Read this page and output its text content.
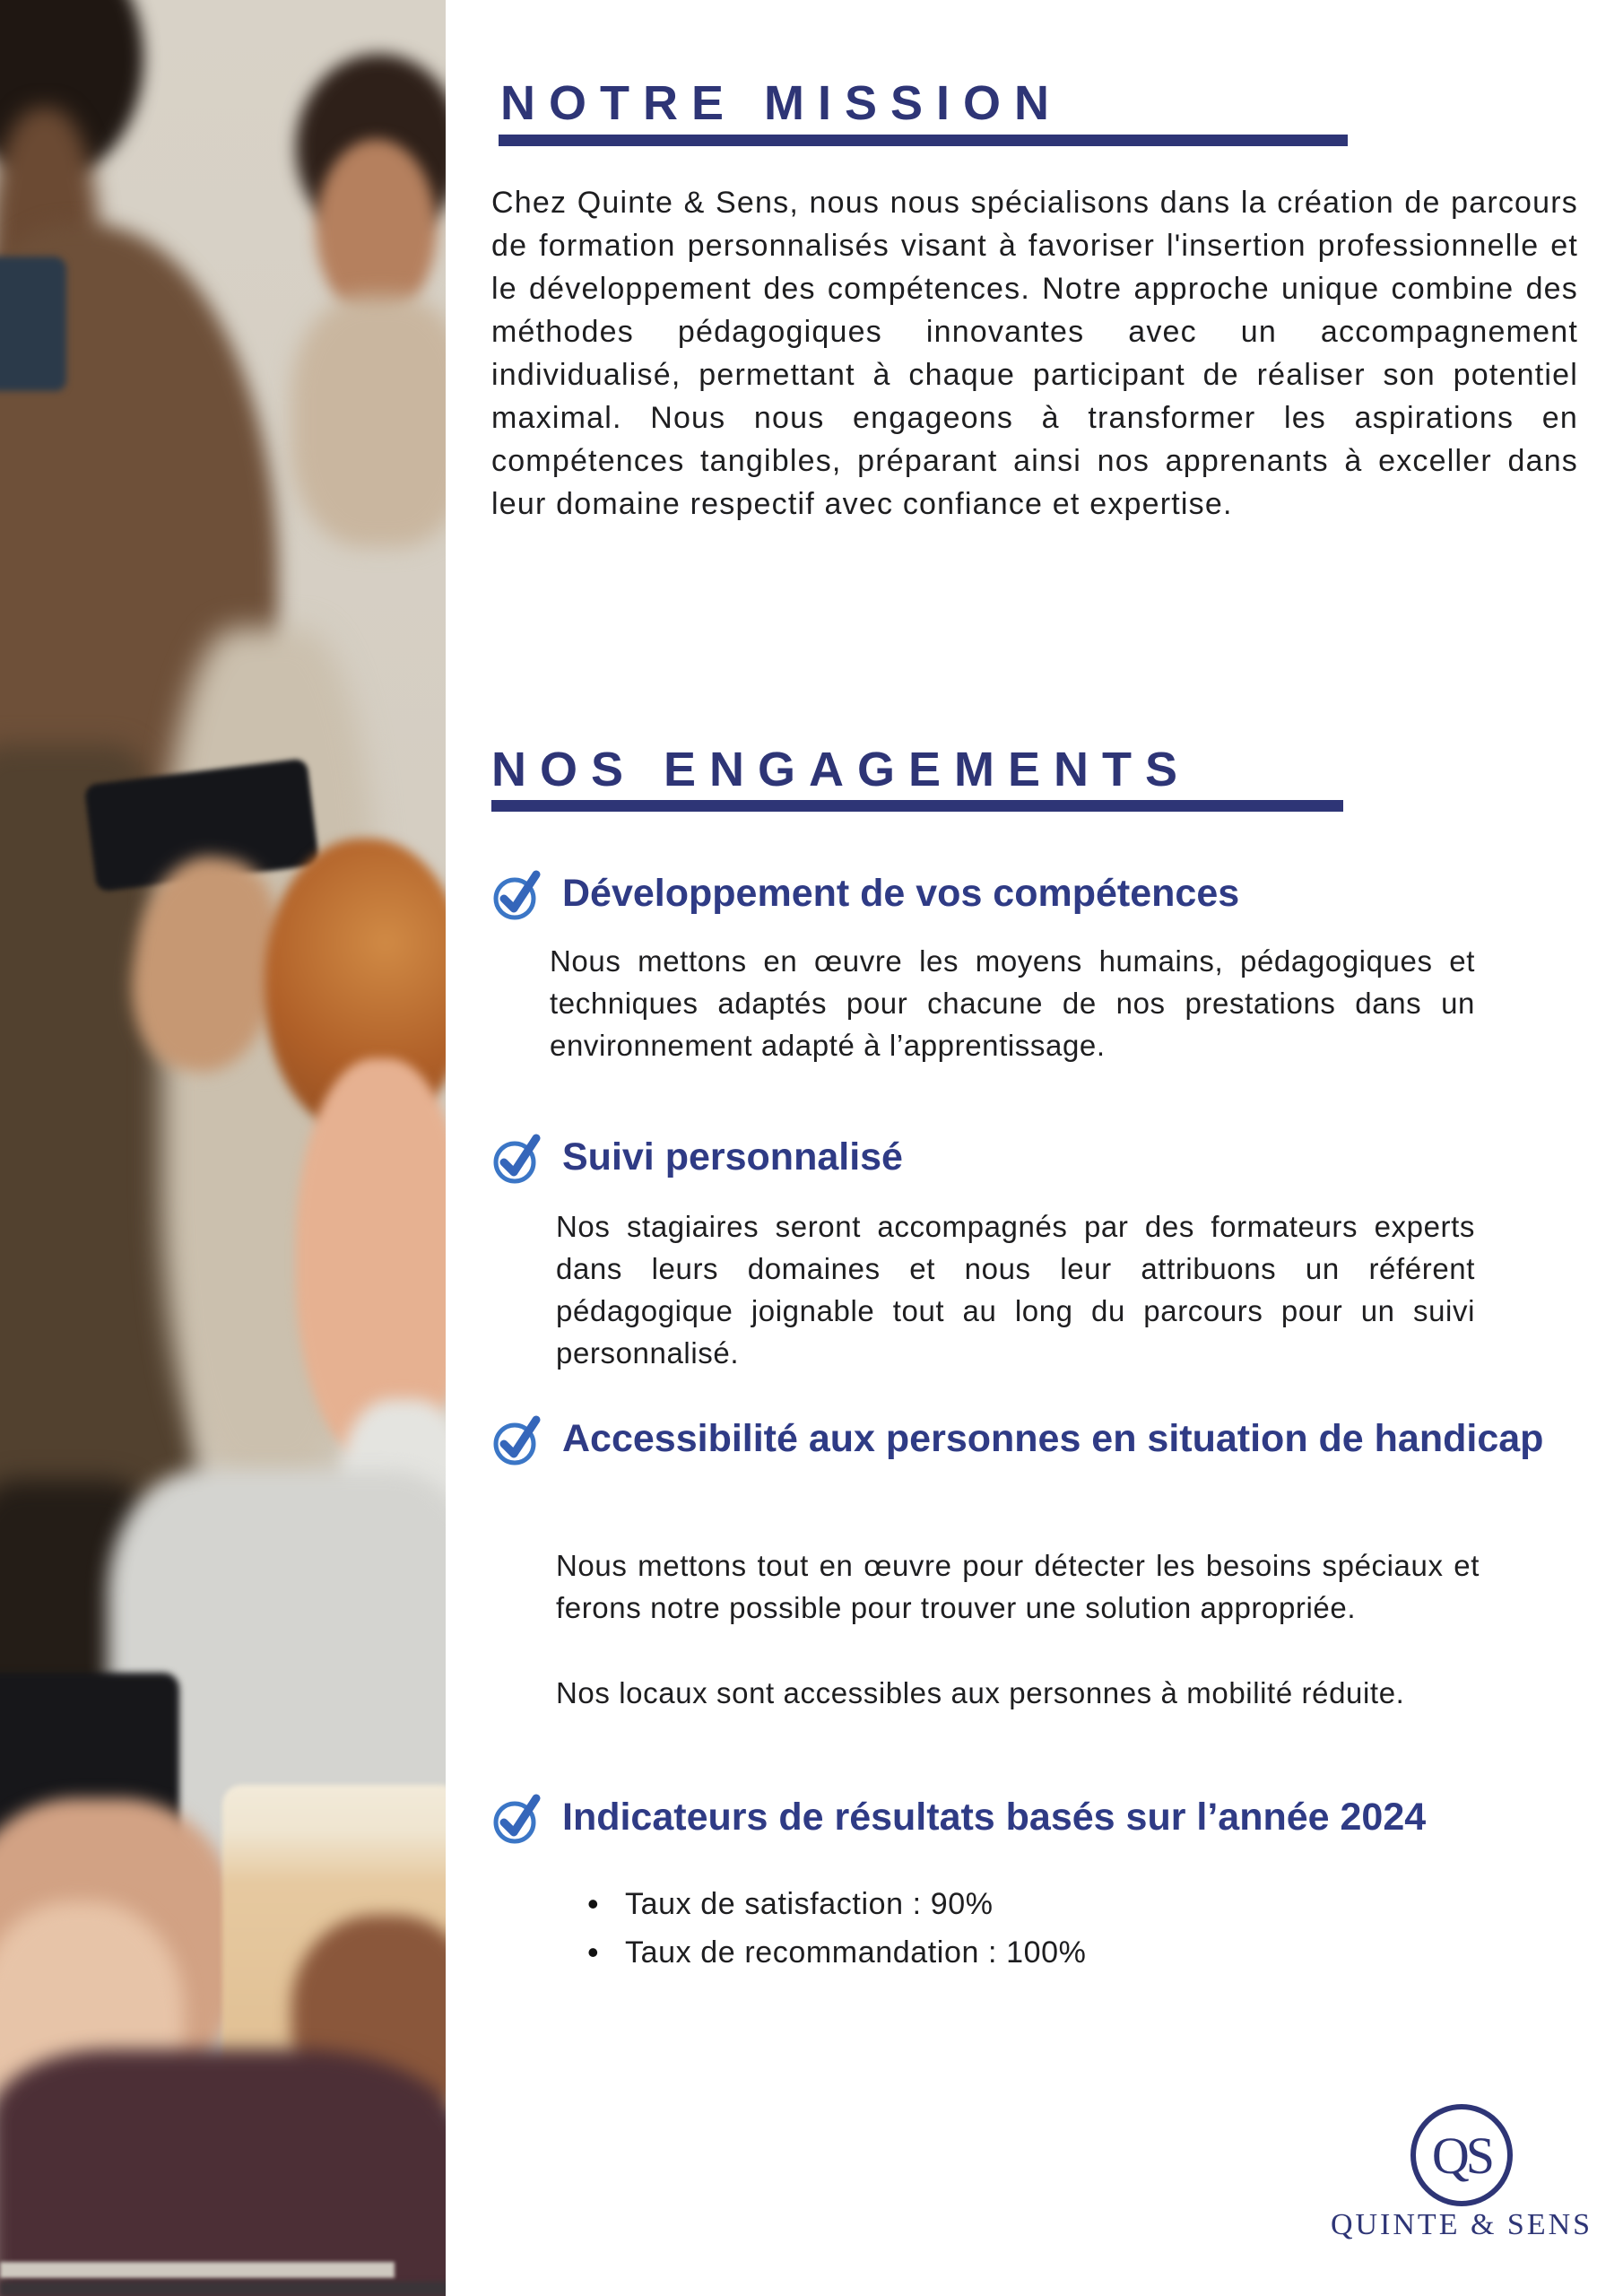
NOTRE MISSION

Chez Quinte & Sens, nous nous spécialisons dans la création de parcours de formation personnalisés visant à favoriser l'insertion professionnelle et le développement des compétences. Notre approche unique combine des méthodes pédagogiques innovantes avec un accompagnement individualisé, permettant à chaque participant de réaliser son potentiel maximal. Nous nous engageons à transformer les aspirations en compétences tangibles, préparant ainsi nos apprenants à exceller dans leur domaine respectif avec confiance et expertise.

NOS ENGAGEMENTS
Développement de vos compétences

Nous mettons en œuvre les moyens humains, pédagogiques et techniques adaptés pour chacune de nos prestations dans un environnement adapté à l’apprentissage.

Suivi personnalisé

Nos stagiaires seront accompagnés par des formateurs experts dans leurs domaines et nous leur attribuons un référent pédagogique joignable tout au long du parcours pour un suivi personnalisé.

Accessibilité aux personnes en situation de handicap

Nous mettons tout en œuvre pour détecter les besoins spéciaux et ferons notre possible pour trouver une solution appropriée.

Nos locaux sont accessibles aux personnes à mobilité réduite.

Indicateurs de résultats basés sur l’année 2024
• Taux de satisfaction : 90%
• Taux de recommandation : 100%
QS
QUINTE & SENS
